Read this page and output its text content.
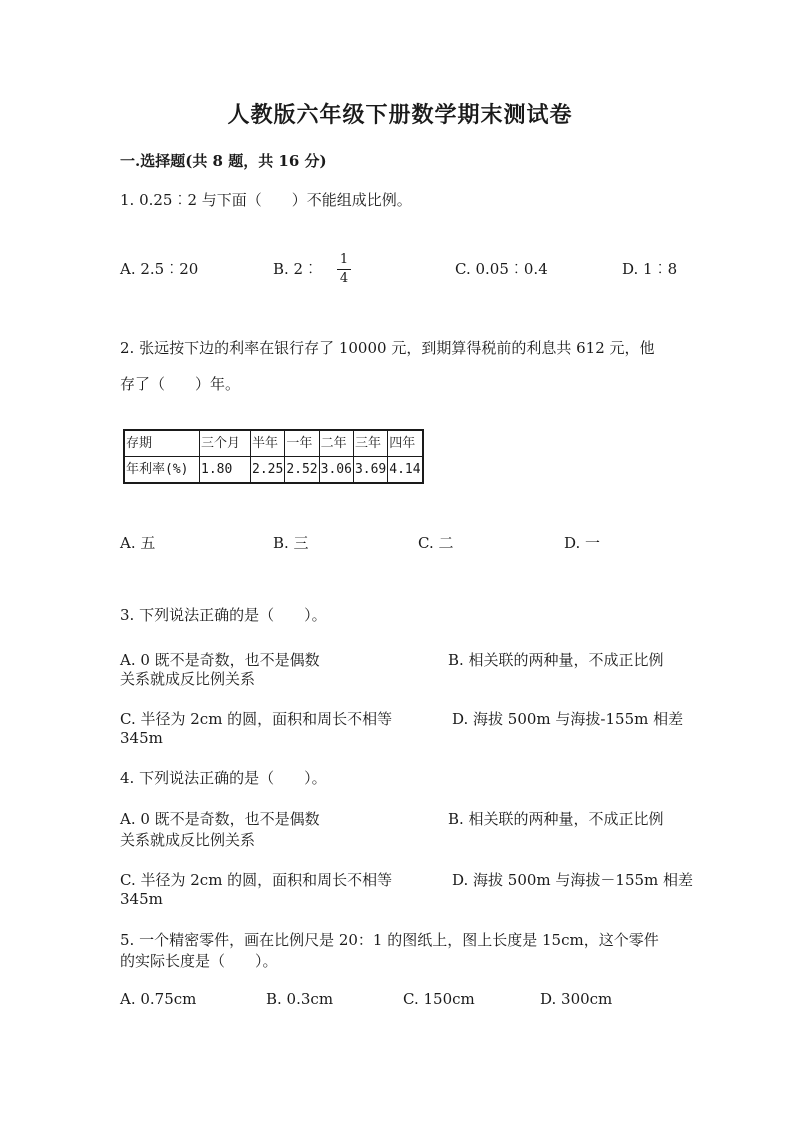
人教版六年级下册数学期末测试卷
一.选择题(共 8 题，共 16 分)
1. 0.25︰2 与下面（　　）不能组成比例。
A. 2.5︰20	B. 2︰
1
4
C. 0.05︰0.4	D. 1︰8
2. 张远按下边的利率在银行存了 10000 元，到期算得税前的利息共 612 元，他
存了（　　）年。
存期	三个月	半年	一年	二年	三年	四年
年利率(%)	1.80	2.25	2.52	3.06	3.69	4.14
A. 五	B. 三	C. 二	D. 一
3. 下列说法正确的是（　　）。
A. 0 既不是奇数，也不是偶数	B. 相关联的两种量，不成正比例
关系就成反比例关系
C. 半径为 2cm 的圆，面积和周长不相等	D. 海拔 500m 与海拔-155m 相差
345m
4. 下列说法正确的是（　　）。
A. 0 既不是奇数，也不是偶数	B. 相关联的两种量，不成正比例
关系就成反比例关系
C. 半径为 2cm 的圆，面积和周长不相等	D. 海拔 500m 与海拔－155m 相差
345m
5. 一个精密零件，画在比例尺是 20：1 的图纸上，图上长度是 15cm，这个零件
的实际长度是（　　）。
A. 0.75cm	B. 0.3cm	C. 150cm	D. 300cm
